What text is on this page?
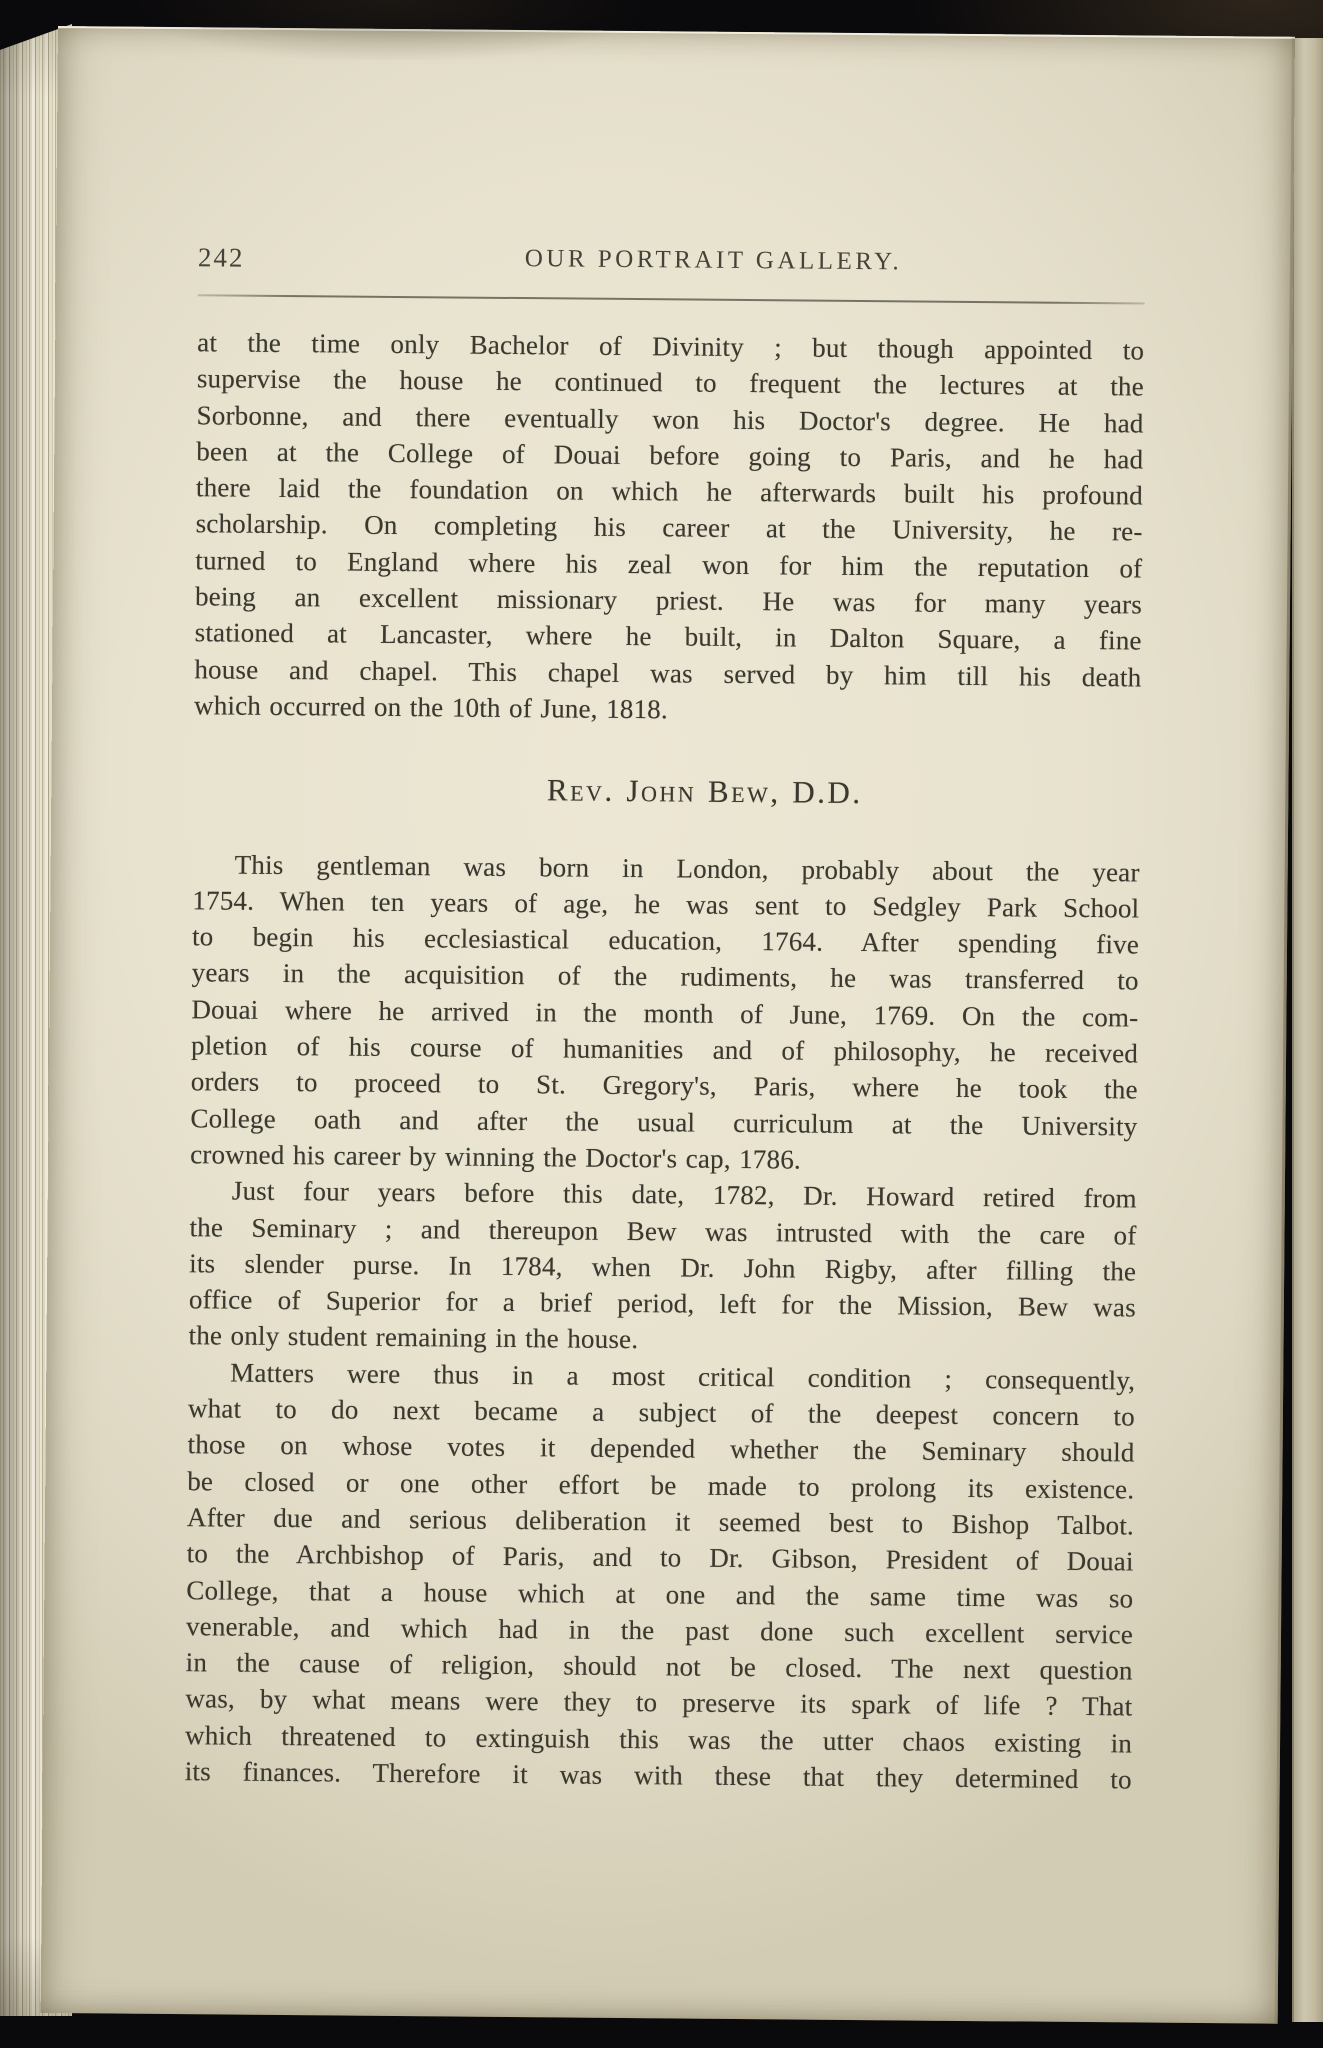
242	OUR PORTRAIT GALLERY.
at the time only Bachelor of Divinity ; but though appointed to
supervise the house he continued to frequent the lectures at the
Sorbonne, and there eventually won his Doctor's degree. He had
been at the College of Douai before going to Paris, and he had
there laid the foundation on which he afterwards built his profound
scholarship. On completing his career at the University, he re-
turned to England where his zeal won for him the reputation of
being an excellent missionary priest. He was for many years
stationed at Lancaster, where he built, in Dalton Square, a fine
house and chapel. This chapel was served by him till his death
which occurred on the 10th of June, 1818.
Rev. John Bew, D.D.
This gentleman was born in London, probably about the year
1754. When ten years of age, he was sent to Sedgley Park School
to begin his ecclesiastical education, 1764. After spending five
years in the acquisition of the rudiments, he was transferred to
Douai where he arrived in the month of June, 1769. On the com-
pletion of his course of humanities and of philosophy, he received
orders to proceed to St. Gregory's, Paris, where he took the
College oath and after the usual curriculum at the University
crowned his career by winning the Doctor's cap, 1786.
Just four years before this date, 1782, Dr. Howard retired from
the Seminary ; and thereupon Bew was intrusted with the care of
its slender purse. In 1784, when Dr. John Rigby, after filling the
office of Superior for a brief period, left for the Mission, Bew was
the only student remaining in the house.
Matters were thus in a most critical condition ; consequently,
what to do next became a subject of the deepest concern to
those on whose votes it depended whether the Seminary should
be closed or one other effort be made to prolong its existence.
After due and serious deliberation it seemed best to Bishop Talbot.
to the Archbishop of Paris, and to Dr. Gibson, President of Douai
College, that a house which at one and the same time was so
venerable, and which had in the past done such excellent service
in the cause of religion, should not be closed. The next question
was, by what means were they to preserve its spark of life ? That
which threatened to extinguish this was the utter chaos existing in
its finances. Therefore it was with these that they determined to
